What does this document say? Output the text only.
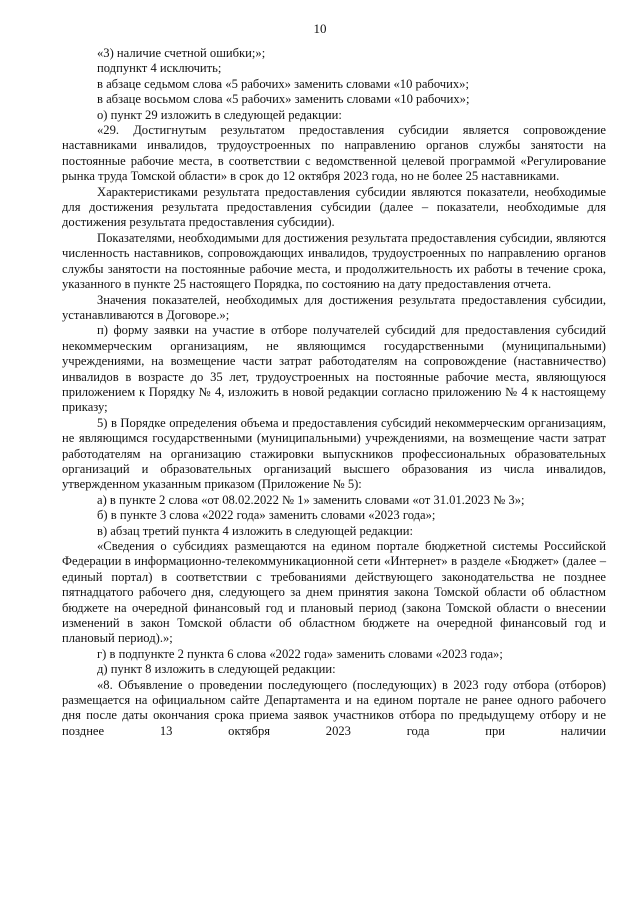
10
«3) наличие счетной ошибки;»;
подпункт 4 исключить;
в абзаце седьмом слова «5 рабочих» заменить словами «10 рабочих»;
в абзаце восьмом слова «5 рабочих» заменить словами «10 рабочих»;
о) пункт 29 изложить в следующей редакции:

«29. Достигнутым результатом предоставления субсидии является сопровождение наставниками инвалидов, трудоустроенных по направлению органов службы занятости на постоянные рабочие места, в соответствии с ведомственной целевой программой «Регулирование рынка труда Томской области» в срок до 12 октября 2023 года, но не более 25 наставниками.

Характеристиками результата предоставления субсидии являются показатели, необходимые для достижения результата предоставления субсидии (далее – показатели, необходимые для достижения результата предоставления субсидии).

Показателями, необходимыми для достижения результата предоставления субсидии, являются численность наставников, сопровождающих инвалидов, трудоустроенных по направлению органов службы занятости на постоянные рабочие места, и продолжительность их работы в течение срока, указанного в пункте 25 настоящего Порядка, по состоянию на дату предоставления отчета.

Значения показателей, необходимых для достижения результата предоставления субсидии, устанавливаются в Договоре.»;

п) форму заявки на участие в отборе получателей субсидий для предоставления субсидий некоммерческим организациям, не являющимся государственными (муниципальными) учреждениями, на возмещение части затрат работодателям на сопровождение (наставничество) инвалидов в возрасте до 35 лет, трудоустроенных на постоянные рабочие места, являющуюся приложением к Порядку № 4, изложить в новой редакции согласно приложению № 4 к настоящему приказу;

5) в Порядке определения объема и предоставления субсидий некоммерческим организациям, не являющимся государственными (муниципальными) учреждениями, на возмещение части затрат работодателям на организацию стажировки выпускников профессиональных образовательных организаций и образовательных организаций высшего образования из числа инвалидов, утвержденном указанным приказом (Приложение № 5):

а) в пункте 2 слова «от 08.02.2022 № 1» заменить словами «от 31.01.2023 № 3»;

б) в пункте 3 слова «2022 года» заменить словами «2023 года»;

в) абзац третий пункта 4 изложить в следующей редакции:

«Сведения о субсидиях размещаются на едином портале бюджетной системы Российской Федерации в информационно-телекоммуникационной сети «Интернет» в разделе «Бюджет» (далее – единый портал) в соответствии с требованиями действующего законодательства не позднее пятнадцатого рабочего дня, следующего за днем принятия закона Томской области об областном бюджете на очередной финансовый год и плановый период (закона Томской области о внесении изменений в закон Томской области об областном бюджете на очередной финансовый год и плановый период).»;

г) в подпункте 2 пункта 6 слова «2022 года» заменить словами «2023 года»;

д) пункт 8 изложить в следующей редакции:

«8. Объявление о проведении последующего (последующих) в 2023 году отбора (отборов) размещается на официальном сайте Департамента и на едином портале не ранее одного рабочего дня после даты окончания срока приема заявок участников отбора по предыдущему отбору и не позднее 13 октября 2023 года при наличии
